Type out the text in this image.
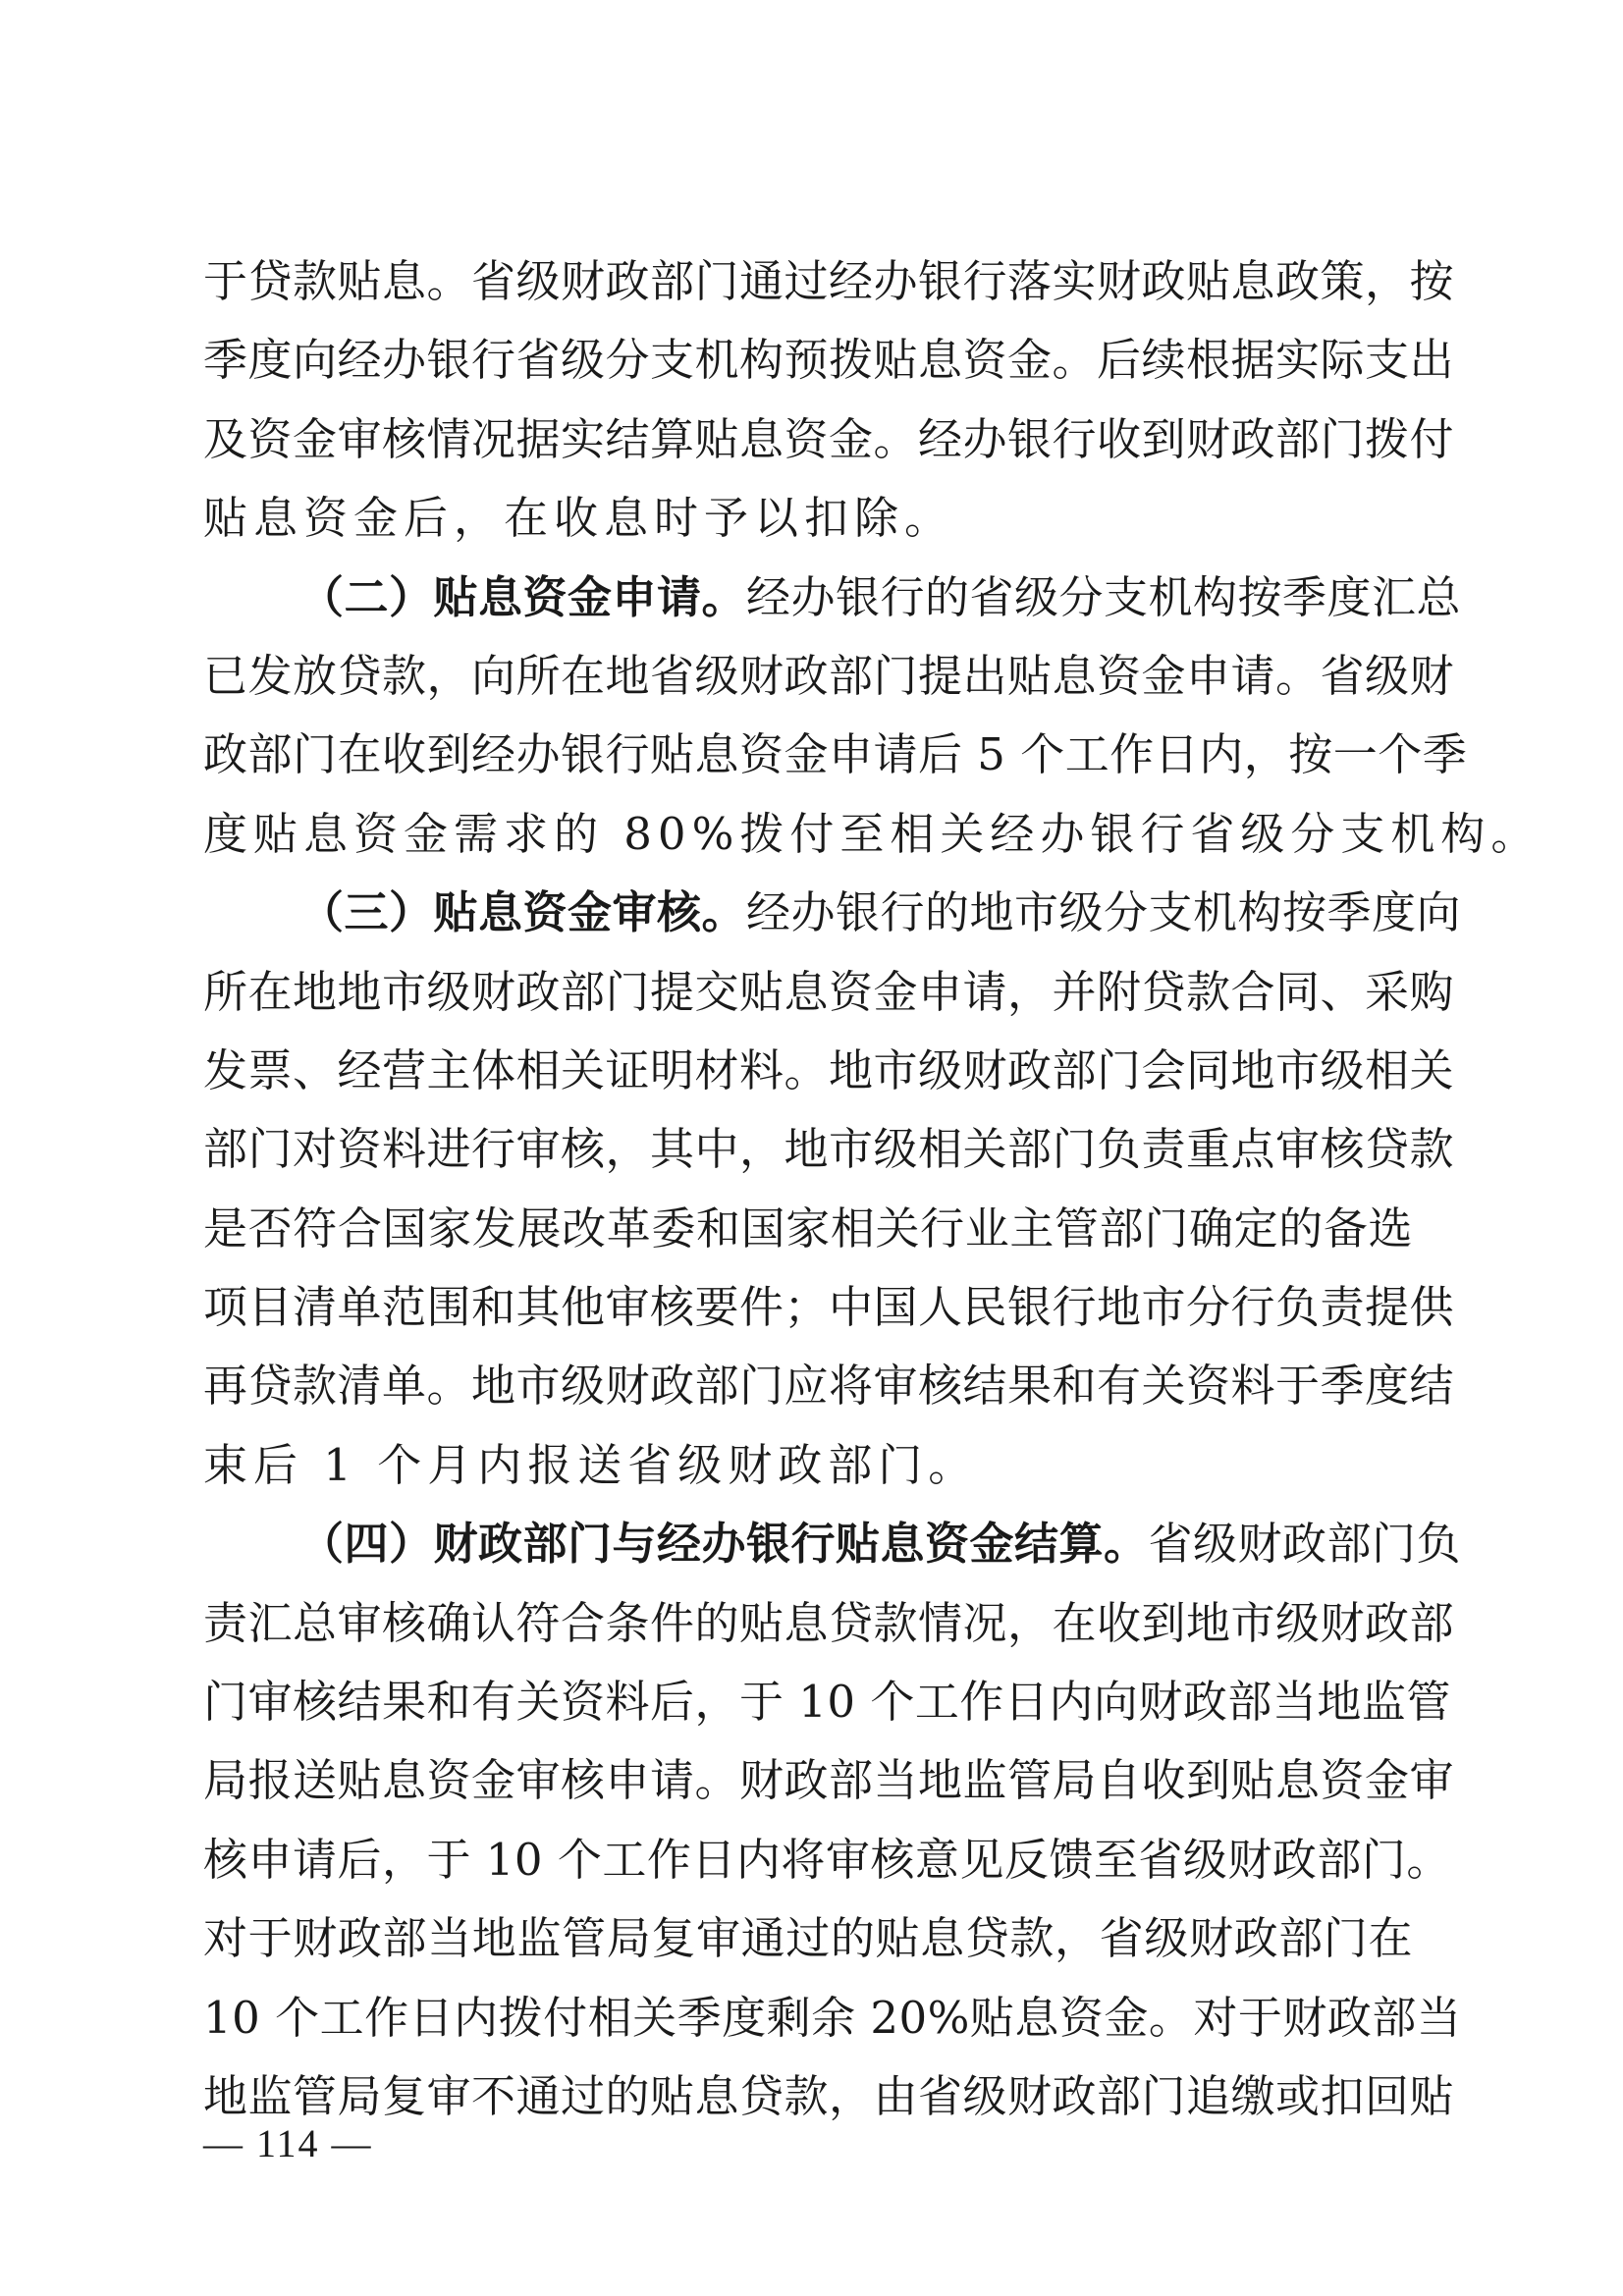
于贷款贴息。省级财政部门通过经办银行落实财政贴息政策，按
季度向经办银行省级分支机构预拨贴息资金。后续根据实际支出
及资金审核情况据实结算贴息资金。经办银行收到财政部门拨付
贴息资金后，在收息时予以扣除。
（二）贴息资金申请。经办银行的省级分支机构按季度汇总
已发放贷款，向所在地省级财政部门提出贴息资金申请。省级财
政部门在收到经办银行贴息资金申请后 5 个工作日内，按一个季
度贴息资金需求的 80%拨付至相关经办银行省级分支机构。
（三）贴息资金审核。经办银行的地市级分支机构按季度向
所在地地市级财政部门提交贴息资金申请，并附贷款合同、采购
发票、经营主体相关证明材料。地市级财政部门会同地市级相关
部门对资料进行审核，其中，地市级相关部门负责重点审核贷款
是否符合国家发展改革委和国家相关行业主管部门确定的备选
项目清单范围和其他审核要件；中国人民银行地市分行负责提供
再贷款清单。地市级财政部门应将审核结果和有关资料于季度结
束后 1 个月内报送省级财政部门。
（四）财政部门与经办银行贴息资金结算。省级财政部门负
责汇总审核确认符合条件的贴息贷款情况，在收到地市级财政部
门审核结果和有关资料后，于 10 个工作日内向财政部当地监管
局报送贴息资金审核申请。财政部当地监管局自收到贴息资金审
核申请后，于 10 个工作日内将审核意见反馈至省级财政部门。
对于财政部当地监管局复审通过的贴息贷款，省级财政部门在
10 个工作日内拨付相关季度剩余 20%贴息资金。对于财政部当
地监管局复审不通过的贴息贷款，由省级财政部门追缴或扣回贴
— 114 —
